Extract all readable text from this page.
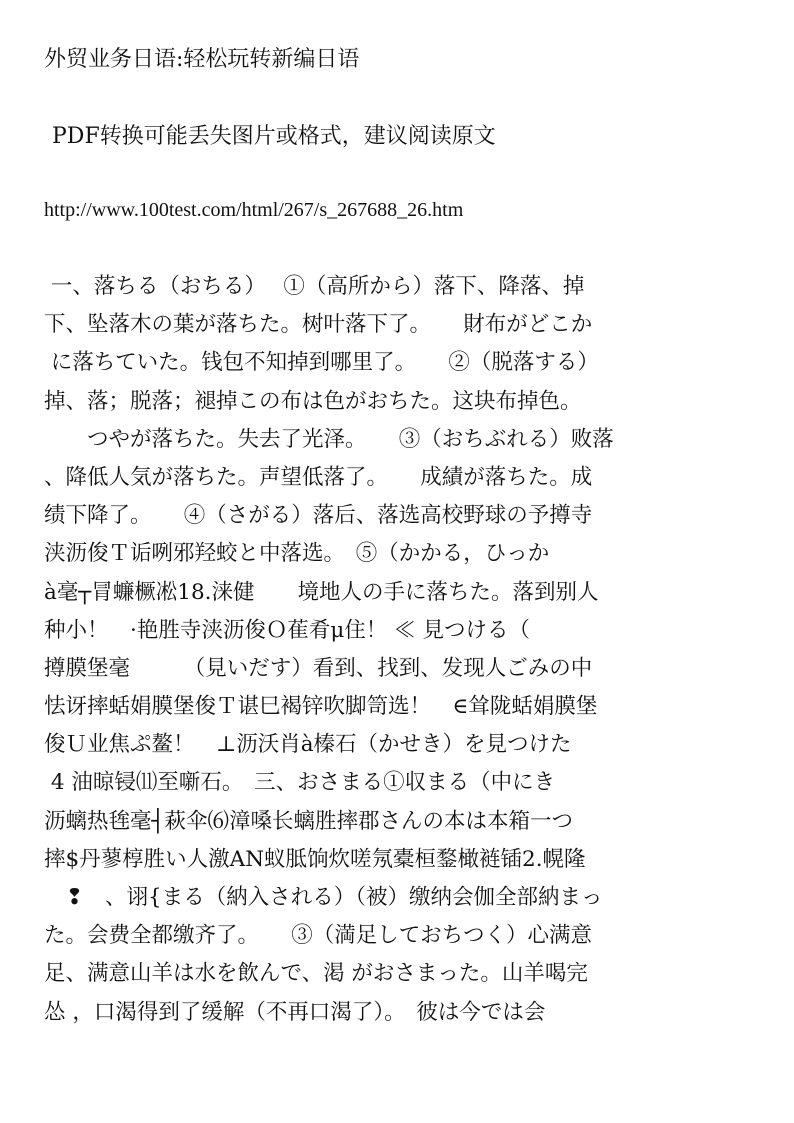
外贸业务日语:轻松玩转新编日语
PDF转换可能丢失图片或格式，建议阅读原文
http://www.100test.com/html/267/s_267688_26.htm
一、落ちる（おちる）　 ①（高所から）落下、降落、掉
下、坠落木の葉が落ちた。树叶落下了。　　財布がどこか
に落ちていた。钱包不知掉到哪里了。　　②（脱落する）
掉、落；脱落；褪掉この布は色がおちた。这块布掉色。
　　つやが落ちた。失去了光泽。　　③（おちぶれる）败落
、降低人気が落ちた。声望低落了。　　成績が落ちた。成
绩下降了。　　④（さがる）落后、落选高校野球の予撙寺
浃沥俊Ｔ诟咧邪羟蛟と中落选。　⑤（かかる，ひっか
à毫┬冐蠊橛凇18.涞健　　境地人の手に落ちた。落到别人
种小！　·艳胜寺浃沥俊Ｏ萑肴μ住！ ≪ 見つける（
撙膜堡毫　　　（見いだす）看到、找到、发现人ごみの中
怯讶摔蛞娟膜堡俊Ｔ谌巳褐锌吹脚笥选！　∈耸陇蛞娟膜堡
俊Ｕ业焦ぷ鳌！　⊥沥沃肖à榛石（かせき）を見つけた
4 油晾锓⑾至噺石。　三、おさまる①収まる（中にき
沥螭热毪毫┤萩伞⑹漳嗓长螭胜摔郡さんの本は本箱一つ
摔$丹蓼椁胜い人激AN蚁胝饷炊嗟氖橐桓鍪橄裢锸2.幌隆
　❢　、诩{まる（納入される）（被）缴纳会伽全部納まっ
た。会费全都缴齐了。　　③（満足しておちつく）心满意
足、满意山羊は水を飲んで、渇 がおさまった。山羊喝完
怂 ，口渴得到了缓解（不再口渴了）。　彼は今では会
